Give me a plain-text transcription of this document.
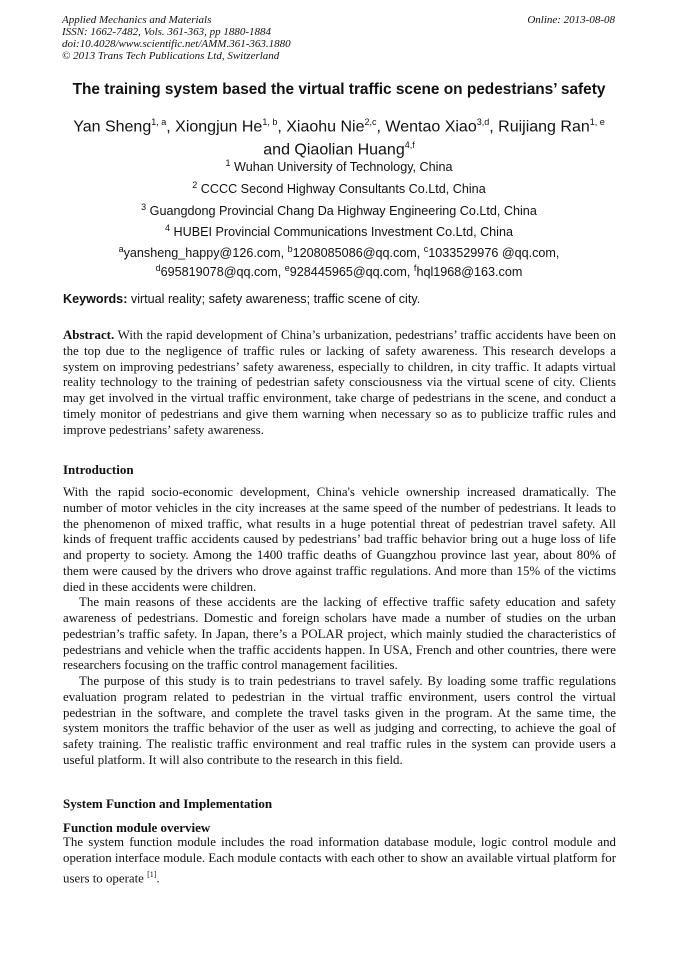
Applied Mechanics and Materials
ISSN: 1662-7482, Vols. 361-363, pp 1880-1884
doi:10.4028/www.scientific.net/AMM.361-363.1880
© 2013 Trans Tech Publications Ltd, Switzerland
Online: 2013-08-08
The training system based the virtual traffic scene on pedestrians’ safety
Yan Sheng$^{1, a}$, Xiongjun He$^{1, b}$, Xiaohu Nie$^{2,c}$, Wentao Xiao$^{3,d}$, Ruijiang Ran$^{1, e}$
and Qiaolian Huang$^{4,f}$
$^1$ Wuhan University of Technology, China
$^2$ CCCC Second Highway Consultants Co.Ltd, China
$^3$ Guangdong Provincial Chang Da Highway Engineering Co.Ltd, China
$^4$ HUBEI Provincial Communications Investment Co.Ltd, China
$^a$yansheng_happy@126.com, $^b$1208085086@qq.com, $^c$1033529976 @qq.com,
$^d$695819078@qq.com, $^e$928445965@qq.com, $^f$hql1968@163.com
Keywords: virtual reality; safety awareness; traffic scene of city.

Abstract. With the rapid development of China’s urbanization, pedestrians’ traffic accidents have been on the top due to the negligence of traffic rules or lacking of safety awareness. This research develops a system on improving pedestrians’ safety awareness, especially to children, in city traffic. It adapts virtual reality technology to the training of pedestrian safety consciousness via the virtual scene of city. Clients may get involved in the virtual traffic environment, take charge of pedestrians in the scene, and conduct a timely monitor of pedestrians and give them warning when necessary so as to publicize traffic rules and improve pedestrians’ safety awareness.

Introduction

With the rapid socio-economic development, China's vehicle ownership increased dramatically. The number of motor vehicles in the city increases at the same speed of the number of pedestrians. It leads to the phenomenon of mixed traffic, what results in a huge potential threat of pedestrian travel safety. All kinds of frequent traffic accidents caused by pedestrians’ bad traffic behavior bring out a huge loss of life and property to society. Among the 1400 traffic deaths of Guangzhou province last year, about 80% of them were caused by the drivers who drove against traffic regulations. And more than 15% of the victims died in these accidents were children.

The main reasons of these accidents are the lacking of effective traffic safety education and safety awareness of pedestrians. Domestic and foreign scholars have made a number of studies on the urban pedestrian’s traffic safety. In Japan, there’s a POLAR project, which mainly studied the characteristics of pedestrians and vehicle when the traffic accidents happen. In USA, French and other countries, there were researchers focusing on the traffic control management facilities.

The purpose of this study is to train pedestrians to travel safely. By loading some traffic regulations evaluation program related to pedestrian in the virtual traffic environment, users control the virtual pedestrian in the software, and complete the travel tasks given in the program. At the same time, the system monitors the traffic behavior of the user as well as judging and correcting, to achieve the goal of safety training. The realistic traffic environment and real traffic rules in the system can provide users a useful platform. It will also contribute to the research in this field.

System Function and Implementation
Function module overview

The system function module includes the road information database module, logic control module and operation interface module. Each module contacts with each other to show an available virtual platform for users to operate [1].
